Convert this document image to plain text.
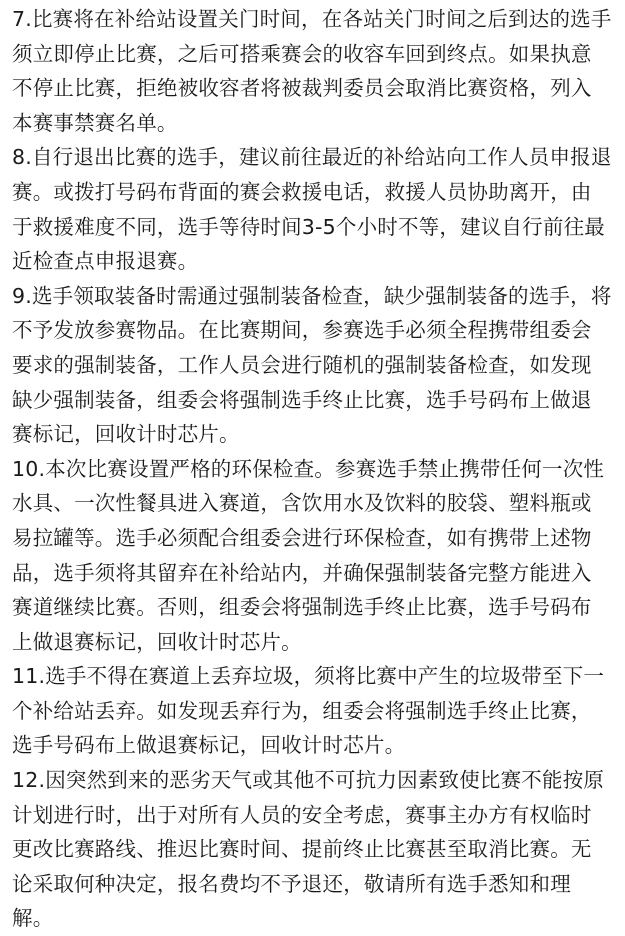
7.比赛将在补给站设置关门时间，在各站关门时间之后到达的选手
须立即停止比赛，之后可搭乘赛会的收容车回到终点。如果执意
不停止比赛，拒绝被收容者将被裁判委员会取消比赛资格，列入
本赛事禁赛名单。

8.自行退出比赛的选手，建议前往最近的补给站向工作人员申报退
赛。或拨打号码布背面的赛会救援电话，救援人员协助离开，由
于救援难度不同，选手等待时间3-5个小时不等，建议自行前往最
近检查点申报退赛。

9.选手领取装备时需通过强制装备检查，缺少强制装备的选手，将
不予发放参赛物品。在比赛期间，参赛选手必须全程携带组委会
要求的强制装备，工作人员会进行随机的强制装备检查，如发现
缺少强制装备，组委会将强制选手终止比赛，选手号码布上做退
赛标记，回收计时芯片。

10.本次比赛设置严格的环保检查。参赛选手禁止携带任何一次性
水具、一次性餐具进入赛道，含饮用水及饮料的胶袋、塑料瓶或
易拉罐等。选手必须配合组委会进行环保检查，如有携带上述物
品，选手须将其留弃在补给站内，并确保强制装备完整方能进入
赛道继续比赛。否则，组委会将强制选手终止比赛，选手号码布
上做退赛标记，回收计时芯片。

11.选手不得在赛道上丢弃垃圾，须将比赛中产生的垃圾带至下一
个补给站丢弃。如发现丢弃行为，组委会将强制选手终止比赛，
选手号码布上做退赛标记，回收计时芯片。

12.因突然到来的恶劣天气或其他不可抗力因素致使比赛不能按原
计划进行时，出于对所有人员的安全考虑，赛事主办方有权临时
更改比赛路线、推迟比赛时间、提前终止比赛甚至取消比赛。无
论采取何种决定，报名费均不予退还，敬请所有选手悉知和理
解。
